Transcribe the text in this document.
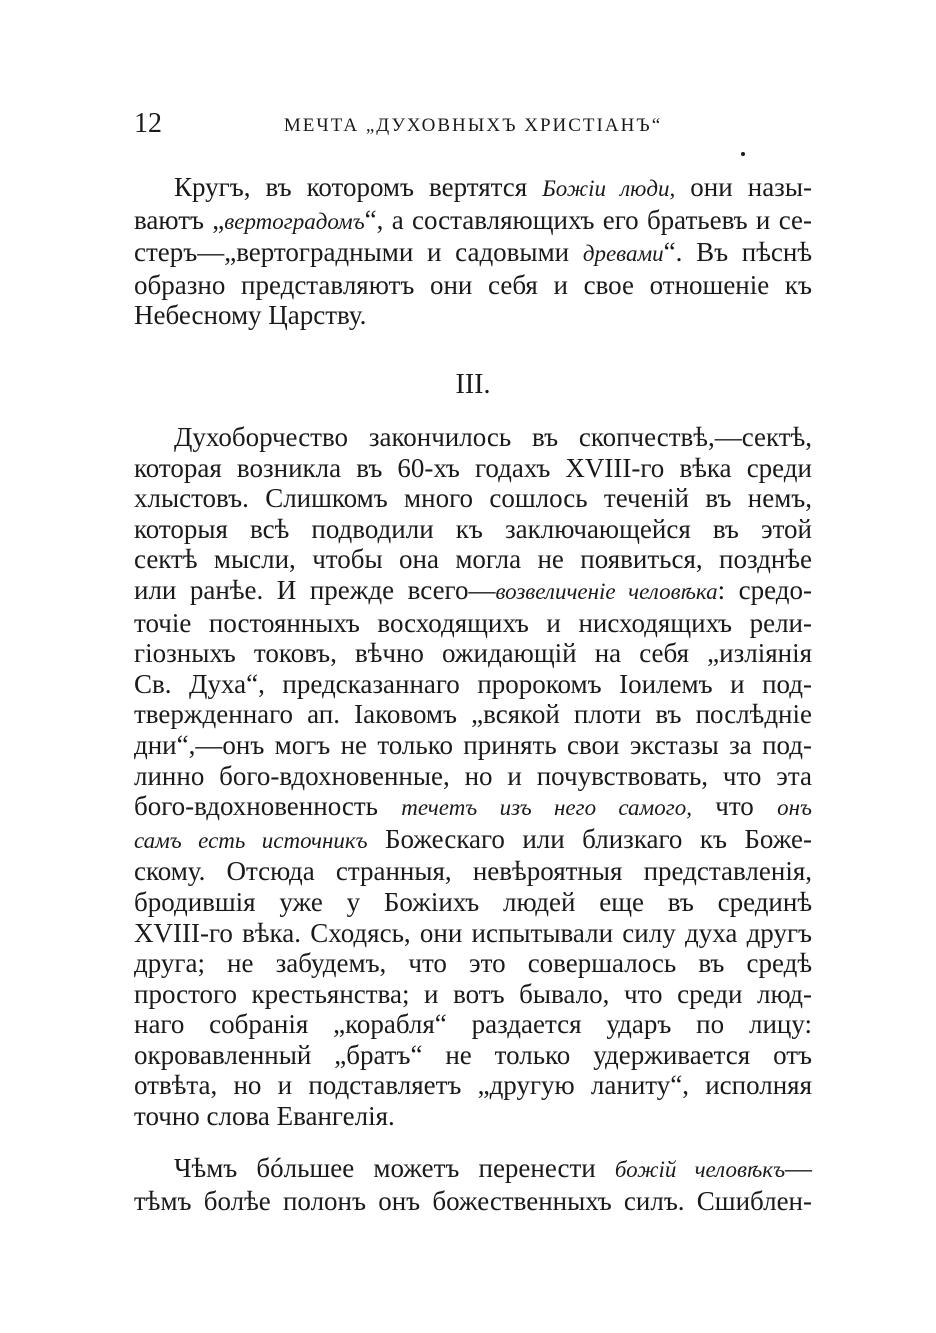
12	МЕЧТА „ДУХОВНЫХЪ ХРИСТІАНЪ“

Кругъ, въ которомъ вертятся Божіи люди, они назы-
ваютъ „вертоградомъ“, а составляющихъ его братьевъ и се-
стеръ—„вертоградными и садовыми древами“. Въ пѣснѣ
образно представляютъ они себя и свое отношеніе къ
Небесному Царству.

III.

Духоборчество закончилось въ скопчествѣ,—сектѣ,
которая возникла въ 60-хъ годахъ XVIII-го вѣка среди
хлыстовъ. Слишкомъ много сошлось теченій въ немъ,
которыя всѣ подводили къ заключающейся въ этой
сектѣ мысли, чтобы она могла не появиться, позднѣе
или ранѣе. И прежде всего—возвеличеніе человѣка: средо-
точіе постоянныхъ восходящихъ и нисходящихъ рели-
гіозныхъ токовъ, вѣчно ожидающій на себя „изліянія
Св. Духа“, предсказаннаго пророкомъ Іоилемъ и под-
твержденнаго ап. Іаковомъ „всякой плоти въ послѣдніе
дни“,—онъ могъ не только принять свои экстазы за под-
линно бого-вдохновенные, но и почувствовать, что эта
бого-вдохновенность течетъ изъ него самого, что онъ
самъ есть источникъ Божескаго или близкаго къ Боже-
скому. Отсюда странныя, невѣроятныя представленія,
бродившія уже у Божіихъ людей еще въ срединѣ
XVIII-го вѣка. Сходясь, они испытывали силу духа другъ
друга; не забудемъ, что это совершалось въ средѣ
простого крестьянства; и вотъ бывало, что среди люд-
наго собранія „корабля“ раздается ударъ по лицу:
окровавленный „братъ“ не только удерживается отъ
отвѣта, но и подставляетъ „другую ланиту“, исполняя
точно слова Евангелія.

Чѣмъ бóльшее можетъ перенести божій человѣкъ—
тѣмъ болѣе полонъ онъ божественныхъ силъ. Сшиблен-
